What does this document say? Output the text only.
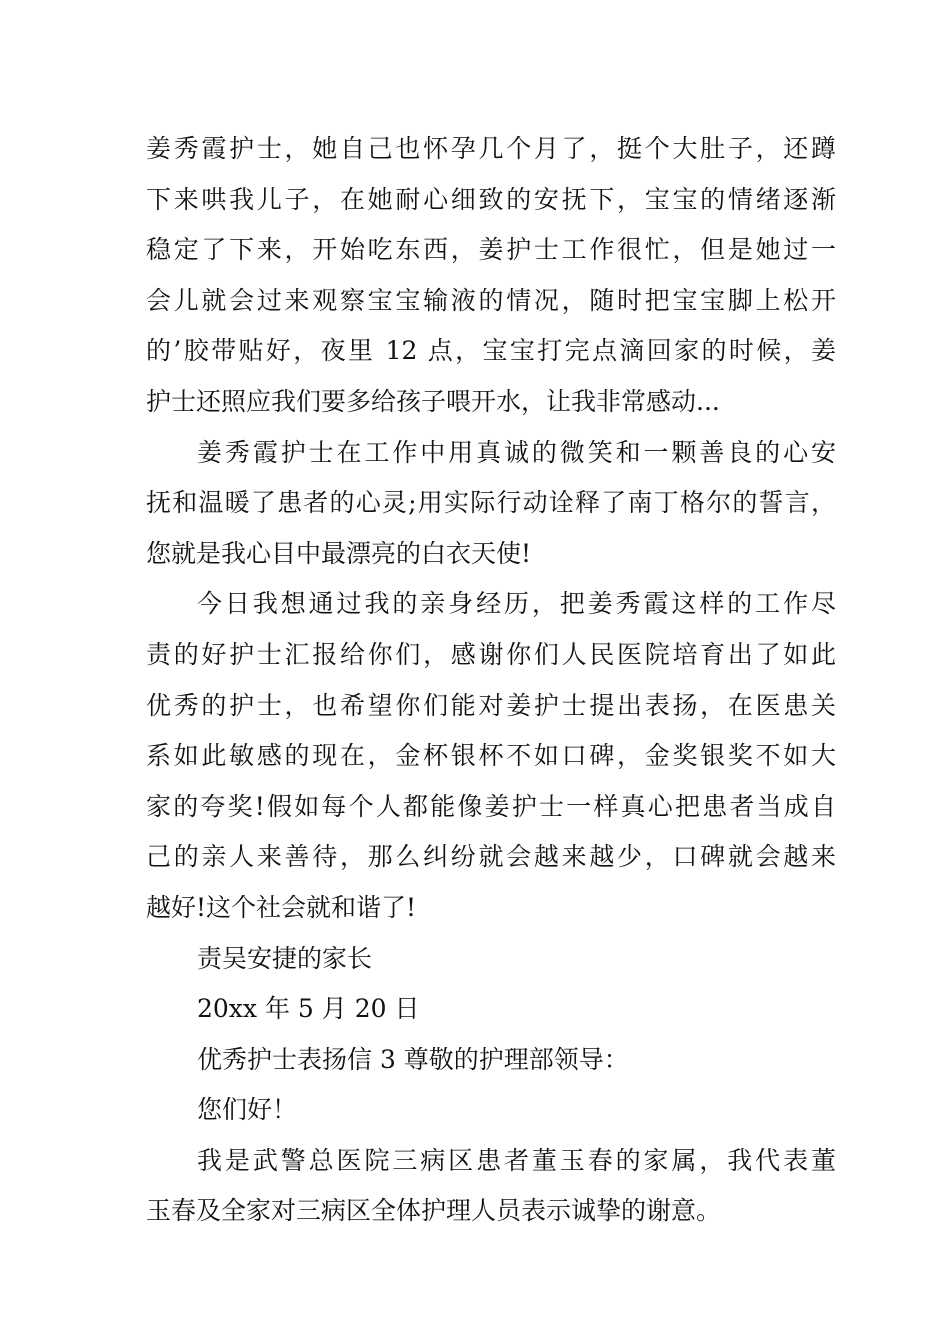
姜秀霞护士，她自己也怀孕几个月了，挺个大肚子，还蹲
下来哄我儿子，在她耐心细致的安抚下，宝宝的情绪逐渐
稳定了下来，开始吃东西，姜护士工作很忙，但是她过一
会儿就会过来观察宝宝输液的情况，随时把宝宝脚上松开
的’胶带贴好，夜里 12 点，宝宝打完点滴回家的时候，姜
护士还照应我们要多给孩子喂开水，让我非常感动...
姜秀霞护士在工作中用真诚的微笑和一颗善良的心安
抚和温暖了患者的心灵;用实际行动诠释了南丁格尔的誓言，
您就是我心目中最漂亮的白衣天使!
今日我想通过我的亲身经历，把姜秀霞这样的工作尽
责的好护士汇报给你们，感谢你们人民医院培育出了如此
优秀的护士，也希望你们能对姜护士提出表扬，在医患关
系如此敏感的现在，金杯银杯不如口碑，金奖银奖不如大
家的夸奖!假如每个人都能像姜护士一样真心把患者当成自
己的亲人来善待，那么纠纷就会越来越少，口碑就会越来
越好!这个社会就和谐了!
责吴安捷的家长
20xx 年 5 月 20 日
优秀护士表扬信 3 尊敬的护理部领导：
您们好！
我是武警总医院三病区患者董玉春的家属，我代表董
玉春及全家对三病区全体护理人员表示诚挚的谢意。
